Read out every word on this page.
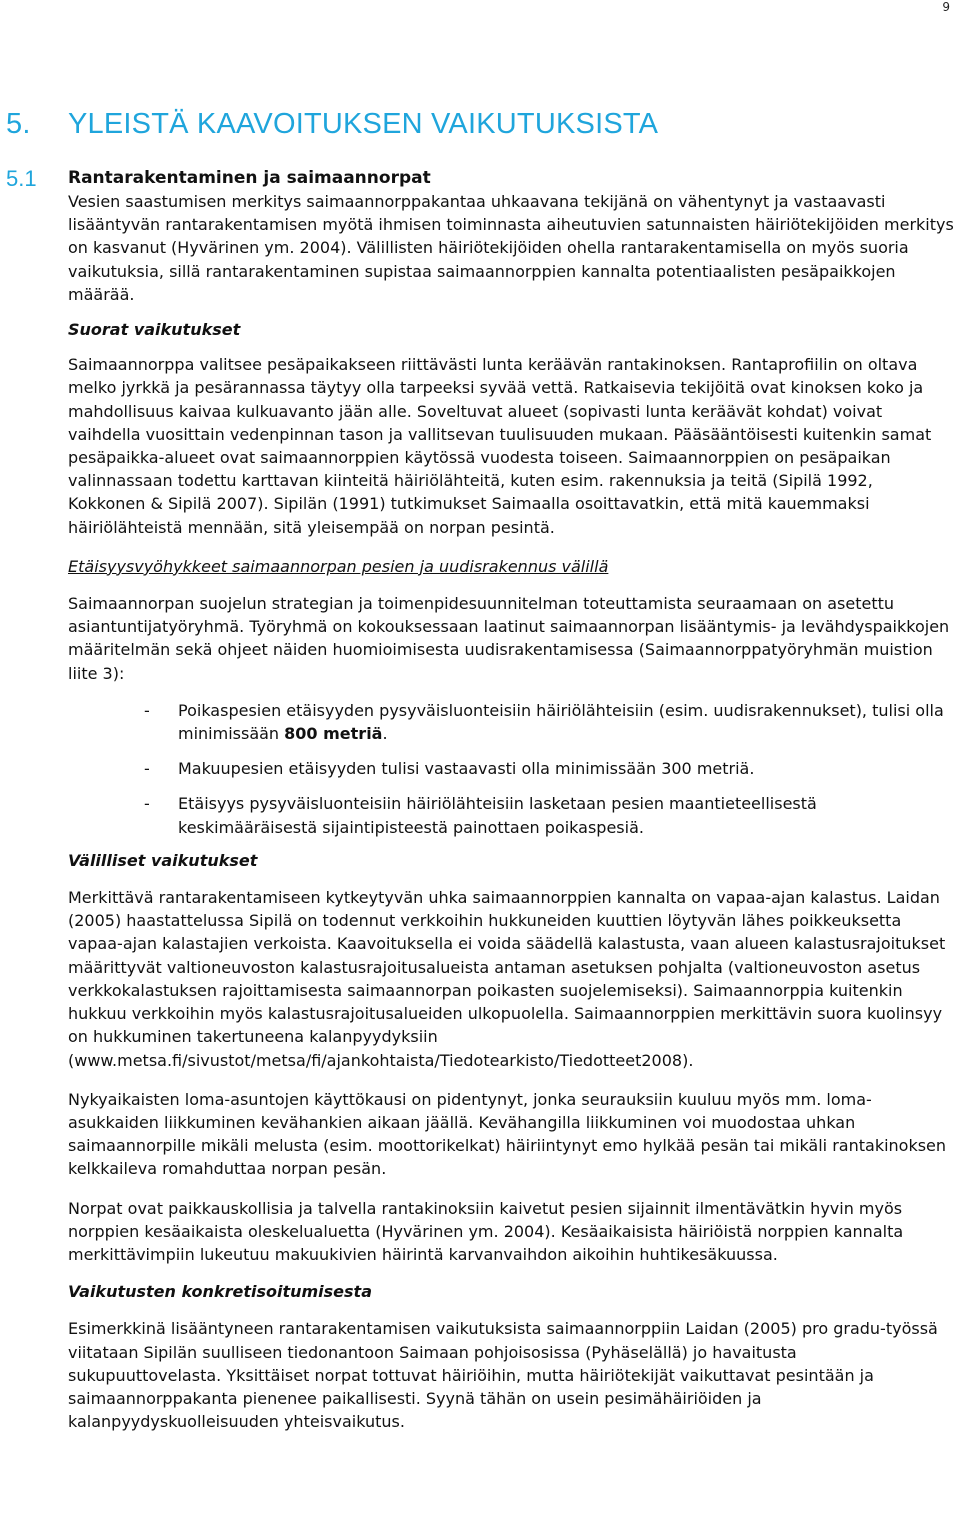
9
5. YLEISTÄ KAAVOITUKSEN VAIKUTUKSISTA
5.1 Rantarakentaminen ja saimaannorpat

Vesien saastumisen merkitys saimaannorppakantaa uhkaavana tekijänä on vähentynyt ja vastaavasti lisääntyvän rantarakentamisen myötä ihmisen toiminnasta aiheutuvien satunnaisten häiriötekijöiden merkitys on kasvanut (Hyvärinen ym. 2004). Välillisten häiriötekijöiden ohella rantarakentamisella on myös suoria vaikutuksia, sillä rantarakentaminen supistaa saimaannorppien kannalta potentiaalisten pesäpaikkojen määrää.

Suorat vaikutukset

Saimaannorppa valitsee pesäpaikakseen riittävästi lunta keräävän rantakinoksen. Rantaprofiilin on oltava melko jyrkkä ja pesärannassa täytyy olla tarpeeksi syvää vettä. Ratkaisevia tekijöitä ovat kinoksen koko ja mahdollisuus kaivaa kulkuavanto jään alle. Soveltuvat alueet (sopivasti lunta keräävät kohdat) voivat vaihdella vuosittain vedenpinnan tason ja vallitsevan tuulisuuden mukaan. Pääsääntöisesti kuitenkin samat pesäpaikka-alueet ovat saimaannorppien käytössä vuodesta toiseen. Saimaannorppien on pesäpaikan valinnassaan todettu karttavan kiinteitä häiriölähteitä, kuten esim. rakennuksia ja teitä (Sipilä 1992, Kokkonen & Sipilä 2007). Sipilän (1991) tutkimukset Saimaalla osoittavatkin, että mitä kauemmaksi häiriölähteistä mennään, sitä yleisempää on norpan pesintä.

Etäisyysvyöhykkeet saimaannorpan pesien ja uudisrakennus välillä

Saimaannorpan suojelun strategian ja toimenpidesuunnitelman toteuttamista seuraamaan on asetettu asiantuntijatyöryhmä. Työryhmä on kokouksessaan laatinut saimaannorpan lisääntymis- ja levähdyspaikkojen määritelmän sekä ohjeet näiden huomioimisesta uudisrakentamisessa (Saimaannorppatyöryhmän muistion liite 3):

- Poikaspesien etäisyyden pysyväisluonteisiin häiriölähteisiin (esim. uudisrakennukset), tulisi olla minimissään 800 metriä.
- Makuupesien etäisyyden tulisi vastaavasti olla minimissään 300 metriä.
- Etäisyys pysyväisluonteisiin häiriölähteisiin lasketaan pesien maantieteellisestä keskimääräisestä sijaintipisteestä painottaen poikaspesiä.

Välilliset vaikutukset

Merkittävä rantarakentamiseen kytkeytyvän uhka saimaannorppien kannalta on vapaa-ajan kalastus. Laidan (2005) haastattelussa Sipilä on todennut verkkoihin hukkuneiden kuuttien löytyvän lähes poikkeuksetta vapaa-ajan kalastajien verkoista. Kaavoituksella ei voida säädellä kalastusta, vaan alueen kalastusrajoitukset määrittyvät valtioneuvoston kalastusrajoitusalueista antaman asetuksen pohjalta (valtioneuvoston asetus verkkokalastuksen rajoittamisesta saimaannorpan poikasten suojelemiseksi). Saimaannorppia kuitenkin hukkuu verkkoihin myös kalastusrajoitusalueiden ulkopuolella. Saimaannorppien merkittävin suora kuolinsyy on hukkuminen takertuneena kalanpyydyksiin
(www.metsa.fi/sivustot/metsa/fi/ajankohtaista/Tiedotearkisto/Tiedotteet2008).

Nykyaikaisten loma-asuntojen käyttökausi on pidentynyt, jonka seurauksiin kuuluu myös mm. loma-asukkaiden liikkuminen kevähankien aikaan jäällä. Kevähangilla liikkuminen voi muodostaa uhkan saimaannorpille mikäli melusta (esim. moottorikelkat) häiriintynyt emo hylkää pesän tai mikäli rantakinoksen kelkkaileva romahduttaa norpan pesän.

Norpat ovat paikkauskollisia ja talvella rantakinoksiin kaivetut pesien sijainnit ilmentävätkin hyvin myös norppien kesäaikaista oleskelualuetta (Hyvärinen ym. 2004). Kesäaikaisista häiriöistä norppien kannalta merkittävimpiin lukeutuu makuukivien häirintä karvanvaihdon aikoihin huhtikesäkuussa.

Vaikutusten konkretisoitumisesta

Esimerkkinä lisääntyneen rantarakentamisen vaikutuksista saimaannorppiin Laidan (2005) pro gradu-työssä viitataan Sipilän suulliseen tiedonantoon Saimaan pohjoisosissa (Pyhäselällä) jo havaitusta sukupuuttovelasta. Yksittäiset norpat tottuvat häiriöihin, mutta häiriötekijät vaikuttavat pesintään ja saimaannorppakanta pienenee paikallisesti. Syynä tähän on usein pesimähäiriöiden ja kalanpyydyskuolleisuuden yhteisvaikutus.
